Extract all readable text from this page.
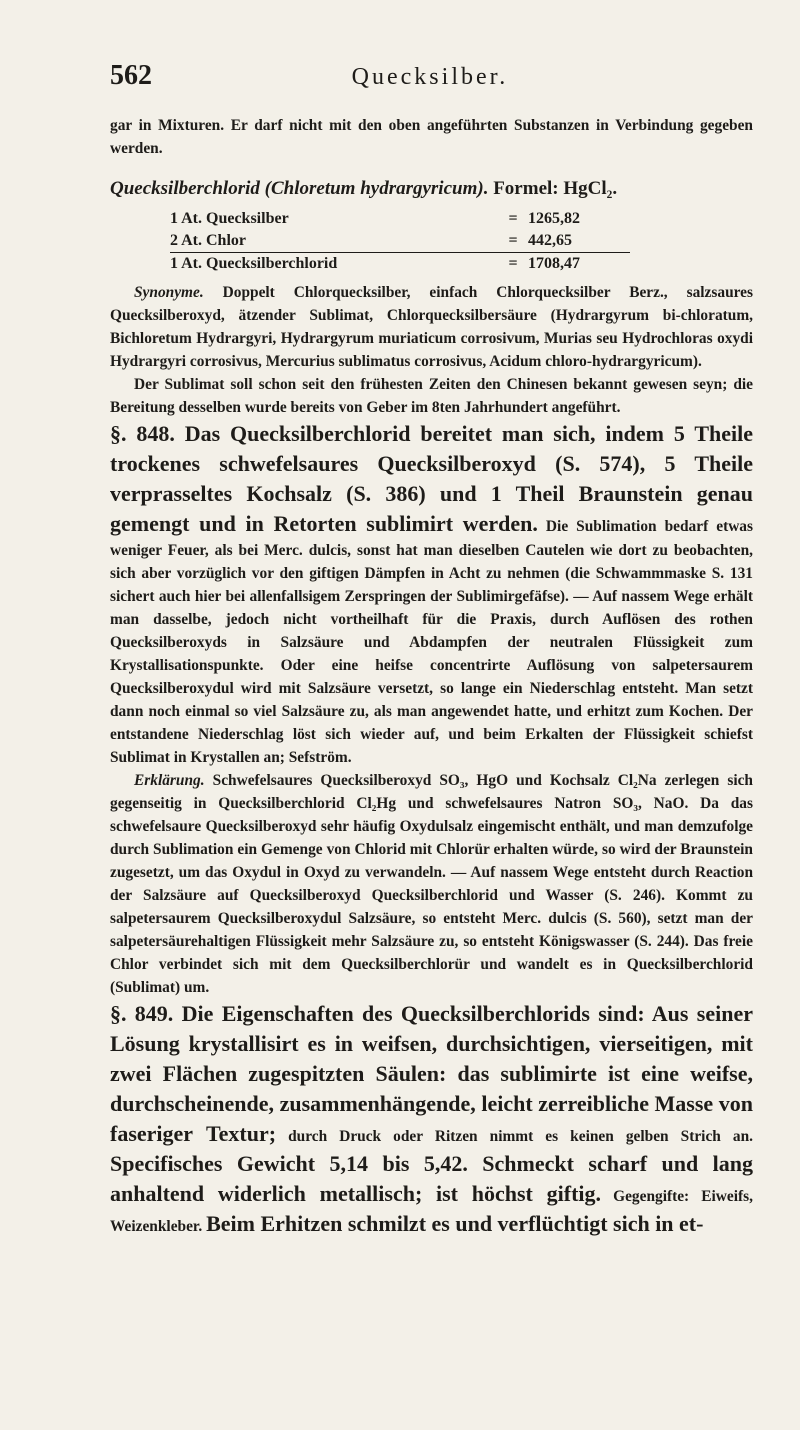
562	Quecksilber.

gar in Mixturen. Er darf nicht mit den oben angeführten Substanzen in Verbindung gegeben werden.

Quecksilberchlorid (Chloretum hydrargyricum). Formel: HgCl₂.

1 At. Quecksilber	=	1265,82
2 At. Chlor	=	442,65
1 At. Quecksilberchlorid	=	1708,47

Synonyme. Doppelt Chlorquecksilber, einfach Chlorquecksilber Berz., salzsaures Quecksilberoxyd, ätzender Sublimat, Chlorquecksilbersäure (Hydrargyrum bi-chloratum, Bichloretum Hydrargyri, Hydrargyrum muriaticum corrosivum, Murias seu Hydrochloras oxydi Hydrargyri corrosivus, Mercurius sublimatus corrosivus, Acidum chloro-hydrargyricum).

Der Sublimat soll schon seit den frühesten Zeiten den Chinesen bekannt gewesen seyn; die Bereitung desselben wurde bereits von Geber im 8ten Jahrhundert angeführt.

§. 848. Das Quecksilberchlorid bereitet man sich, indem 5 Theile trockenes schwefelsaures Quecksilberoxyd (S. 574), 5 Theile verprasseltes Kochsalz (S. 386) und 1 Theil Braunstein genau gemengt und in Retorten sublimirt werden. Die Sublimation bedarf etwas weniger Feuer, als bei Merc. dulcis, sonst hat man dieselben Cautelen wie dort zu beobachten, sich aber vorzüglich vor den giftigen Dämpfen in Acht zu nehmen (die Schwammmaske S. 131 sichert auch hier bei allenfallsigem Zerspringen der Sublimirgefäfse). — Auf nassem Wege erhält man dasselbe, jedoch nicht vortheilhaft für die Praxis, durch Auflösen des rothen Quecksilberoxyds in Salzsäure und Abdampfen der neutralen Flüssigkeit zum Krystallisationspunkte. Oder eine heifse concentrirte Auflösung von salpetersaurem Quecksilberoxydul wird mit Salzsäure versetzt, so lange ein Niederschlag entsteht. Man setzt dann noch einmal so viel Salzsäure zu, als man angewendet hatte, und erhitzt zum Kochen. Der entstandene Niederschlag löst sich wieder auf, und beim Erkalten der Flüssigkeit schiefst Sublimat in Krystallen an; Sefström.

Erklärung. Schwefelsaures Quecksilberoxyd SO₃, HgO und Kochsalz Cl₂Na zerlegen sich gegenseitig in Quecksilberchlorid Cl₂Hg und schwefelsaures Natron SO₃, NaO. Da das schwefelsaure Quecksilberoxyd sehr häufig Oxydulsalz eingemischt enthält, und man demzufolge durch Sublimation ein Gemenge von Chlorid mit Chlorür erhalten würde, so wird der Braunstein zugesetzt, um das Oxydul in Oxyd zu verwandeln. — Auf nassem Wege entsteht durch Reaction der Salzsäure auf Quecksilberoxyd Quecksilberchlorid und Wasser (S. 246). Kommt zu salpetersaurem Quecksilberoxydul Salzsäure, so entsteht Merc. dulcis (S. 560), setzt man der salpetersäurehaltigen Flüssigkeit mehr Salzsäure zu, so entsteht Königswasser (S. 244). Das freie Chlor verbindet sich mit dem Quecksilberchlorür und wandelt es in Quecksilberchlorid (Sublimat) um.

§. 849. Die Eigenschaften des Quecksilberchlorids sind: Aus seiner Lösung krystallisirt es in weifsen, durchsichtigen, vierseitigen, mit zwei Flächen zugespitzten Säulen: das sublimirte ist eine weifse, durchscheinende, zusammenhängende, leicht zerreibliche Masse von faseriger Textur; durch Druck oder Ritzen nimmt es keinen gelben Strich an. Specifisches Gewicht 5,14 bis 5,42. Schmeckt scharf und lang anhaltend widerlich metallisch; ist höchst giftig. Gegengifte: Eiweifs, Weizenkleber. Beim Erhitzen schmilzt es und verflüchtigt sich in et-
